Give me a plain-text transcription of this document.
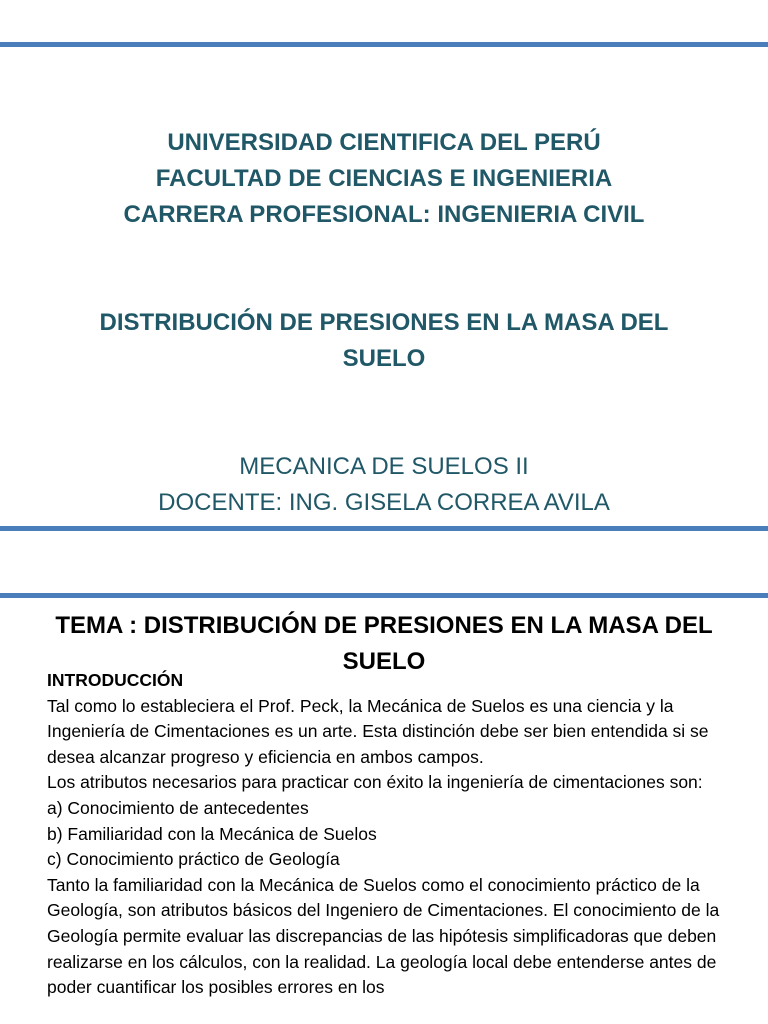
UNIVERSIDAD CIENTIFICA DEL PERÚ
FACULTAD DE CIENCIAS E INGENIERIA
CARRERA PROFESIONAL: INGENIERIA CIVIL
DISTRIBUCIÓN DE PRESIONES EN LA MASA DEL
SUELO
MECANICA DE SUELOS II
DOCENTE: ING. GISELA CORREA AVILA
TEMA : DISTRIBUCIÓN DE PRESIONES EN LA MASA DEL SUELO
INTRODUCCIÓN
Tal como lo estableciera el Prof. Peck, la Mecánica de Suelos es una ciencia y la Ingeniería de Cimentaciones es un arte. Esta distinción debe ser bien entendida si se desea alcanzar progreso y eficiencia en ambos campos.
Los atributos necesarios para practicar con éxito la ingeniería de cimentaciones son:
a) Conocimiento de antecedentes
b) Familiaridad con la Mecánica de Suelos
c) Conocimiento práctico de Geología
Tanto la familiaridad con la Mecánica de Suelos como el conocimiento práctico de la Geología, son atributos básicos del Ingeniero de Cimentaciones. El conocimiento de la Geología permite evaluar las discrepancias de las hipótesis simplificadoras que deben realizarse en los cálculos, con la realidad. La geología local debe entenderse antes de poder cuantificar los posibles errores en los
